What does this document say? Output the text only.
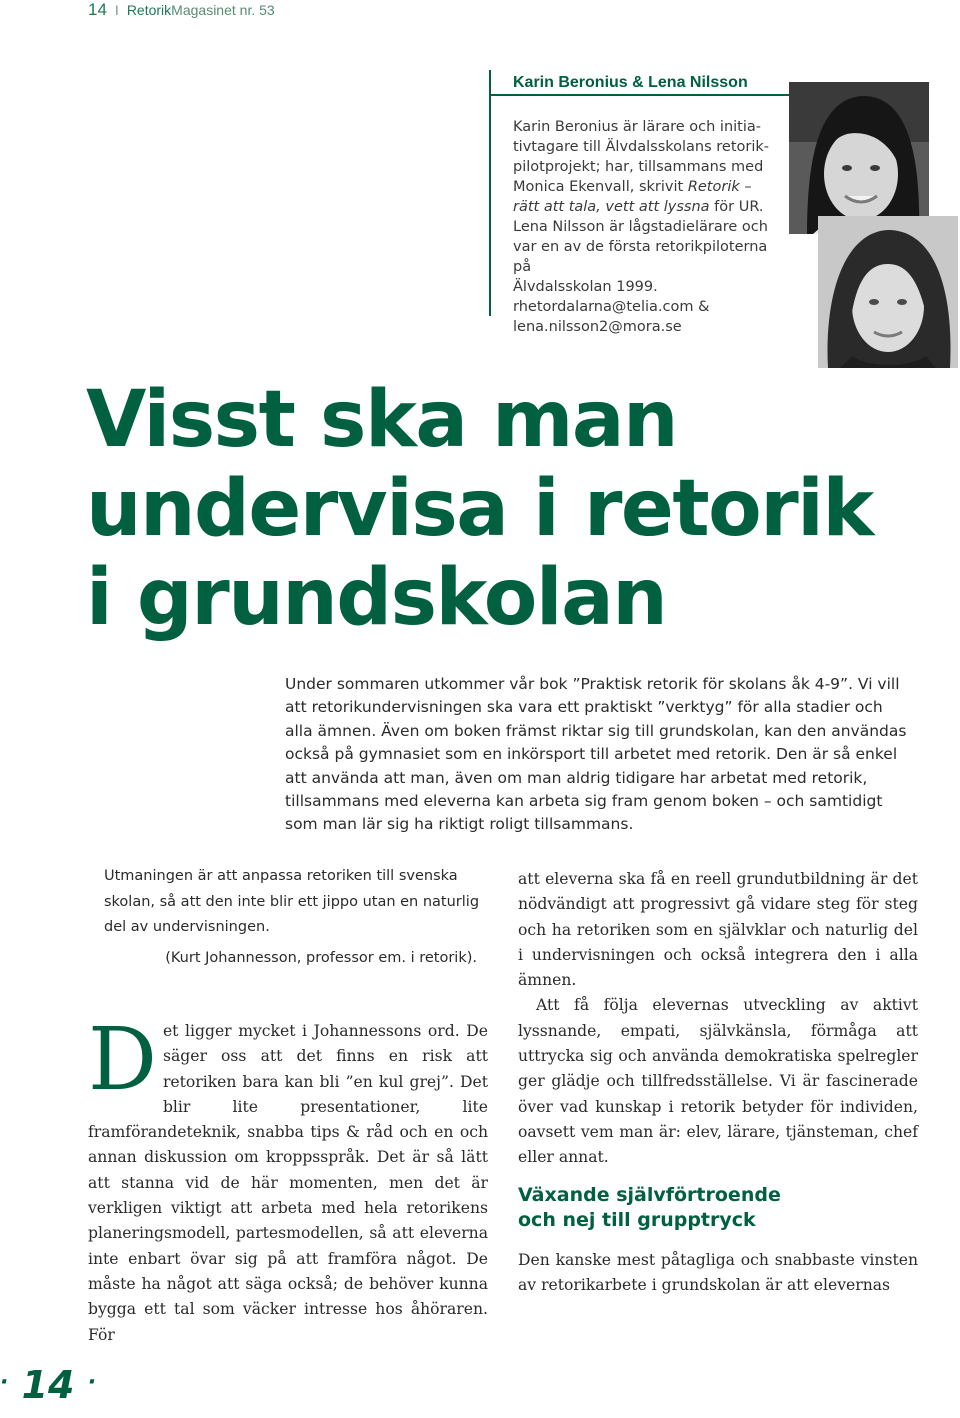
14 I RetorikMagasinet nr. 53
Karin Beronius & Lena Nilsson

Karin Beronius är lärare och initia-

tivtagare till Älvdalsskolans retorik-

pilotprojekt; har, tillsammans med

Monica Ekenvall, skrivit Retorik –

rätt att tala, vett att lyssna för UR.

Lena Nilsson är lågstadielärare och

var en av de första retorikpiloterna på

Älvdalsskolan 1999.

rhetordalarna@telia.com &

lena.nilsson2@mora.se

Visst ska man
undervisa i retorik
i grundskolan

Under sommaren utkommer vår bok ”Praktisk retorik för skolans åk 4-9”. Vi vill att retorikundervisningen ska vara ett praktiskt ”verktyg” för alla stadier och alla ämnen. Även om boken främst riktar sig till grundskolan, kan den användas också på gymnasiet som en inkörsport till arbetet med retorik. Den är så enkel att använda att man, även om man aldrig tidigare har arbetat med retorik, tillsammans med eleverna kan arbeta sig fram genom boken – och samtidigt som man lär sig ha riktigt roligt tillsammans.

Utmaningen är att anpassa retoriken till svenska skolan, så att den inte blir ett jippo utan en naturlig del av undervisningen.

(Kurt Johannesson, professor em. i retorik).

Det ligger mycket i Johannessons ord. De säger oss att det finns en risk att retoriken bara kan bli ”en kul grej”. Det blir lite presentationer, lite framförandeteknik, snabba tips & råd och en och annan diskussion om kroppsspråk. Det är så lätt att stanna vid de här momenten, men det är verkligen viktigt att arbeta med hela retorikens planeringsmodell, partesmodellen, så att eleverna inte enbart övar sig på att framföra något. De måste ha något att säga också; de behöver kunna bygga ett tal som väcker intresse hos åhöraren. För

att eleverna ska få en reell grundutbildning är det nödvändigt att progressivt gå vidare steg för steg och ha retoriken som en självklar och naturlig del i undervisningen och också integrera den i alla ämnen.

Att få följa elevernas utveckling av aktivt lyssnande, empati, självkänsla, förmåga att uttrycka sig och använda demokratiska spelregler ger glädje och tillfredsställelse. Vi är fascinerade över vad kunskap i retorik betyder för individen, oavsett vem man är: elev, lärare, tjänsteman, chef eller annat.

Växande självförtroende
och nej till grupptryck

Den kanske mest påtagliga och snabbaste vinsten av retorikarbete i grundskolan är att elevernas

· 14 ·
